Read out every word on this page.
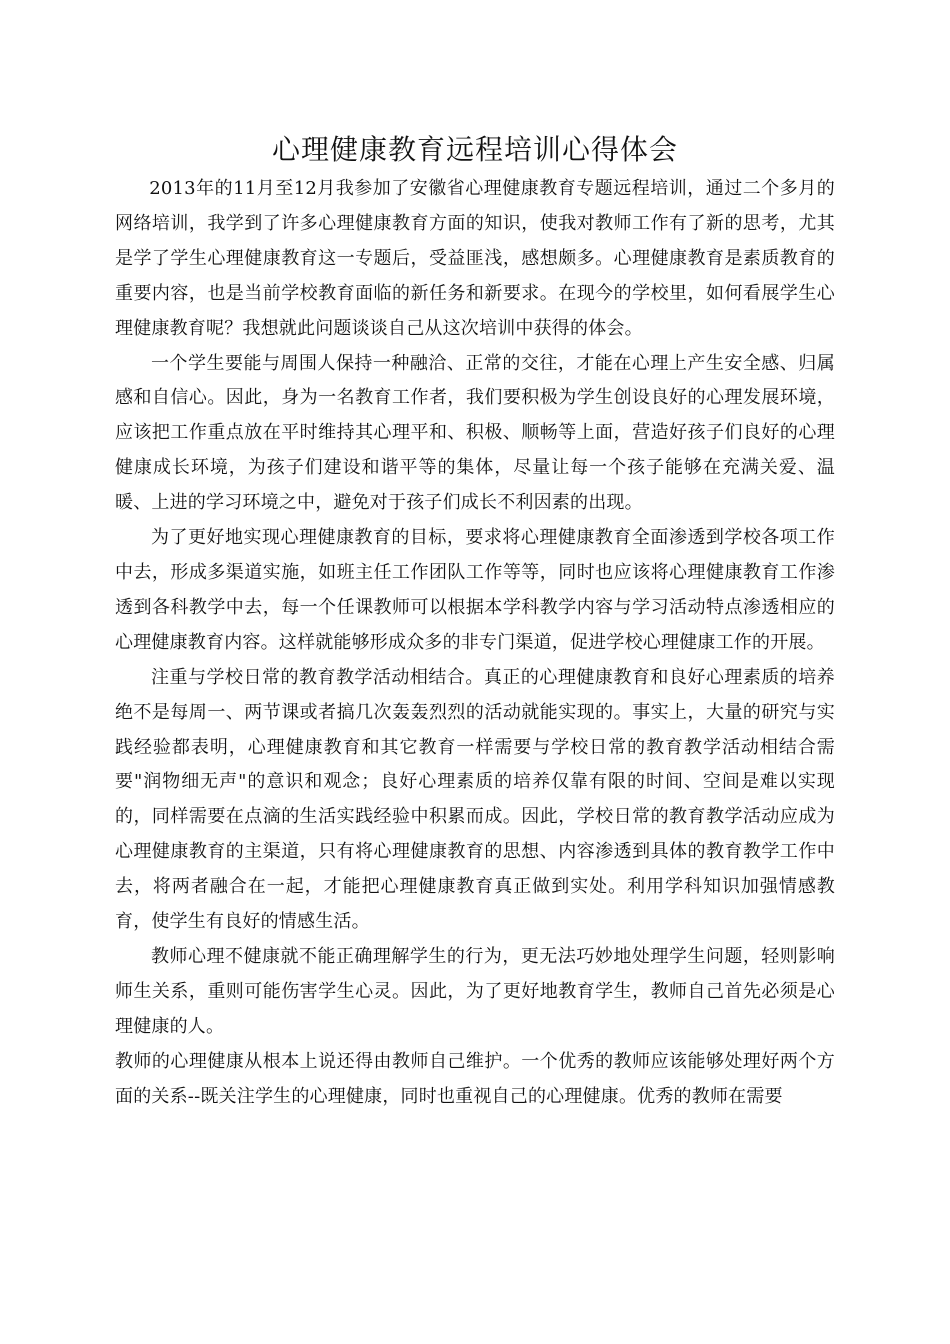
心理健康教育远程培训心得体会

2013年的11月至12月我参加了安徽省心理健康教育专题远程培训，通过二个多月的网络培训，我学到了许多心理健康教育方面的知识，使我对教师工作有了新的思考，尤其是学了学生心理健康教育这一专题后，受益匪浅，感想颇多。心理健康教育是素质教育的重要内容，也是当前学校教育面临的新任务和新要求。在现今的学校里，如何看展学生心理健康教育呢？我想就此问题谈谈自己从这次培训中获得的体会。

一个学生要能与周围人保持一种融洽、正常的交往，才能在心理上产生安全感、归属感和自信心。因此，身为一名教育工作者，我们要积极为学生创设良好的心理发展环境，应该把工作重点放在平时维持其心理平和、积极、顺畅等上面，营造好孩子们良好的心理健康成长环境，为孩子们建设和谐平等的集体，尽量让每一个孩子能够在充满关爱、温暖、上进的学习环境之中，避免对于孩子们成长不利因素的出现。

为了更好地实现心理健康教育的目标，要求将心理健康教育全面渗透到学校各项工作中去，形成多渠道实施，如班主任工作团队工作等等，同时也应该将心理健康教育工作渗透到各科教学中去，每一个任课教师可以根据本学科教学内容与学习活动特点渗透相应的心理健康教育内容。这样就能够形成众多的非专门渠道，促进学校心理健康工作的开展。

注重与学校日常的教育教学活动相结合。真正的心理健康教育和良好心理素质的培养绝不是每周一、两节课或者搞几次轰轰烈烈的活动就能实现的。事实上，大量的研究与实践经验都表明，心理健康教育和其它教育一样需要与学校日常的教育教学活动相结合需要"润物细无声"的意识和观念；良好心理素质的培养仅靠有限的时间、空间是难以实现的，同样需要在点滴的生活实践经验中积累而成。因此，学校日常的教育教学活动应成为心理健康教育的主渠道，只有将心理健康教育的思想、内容渗透到具体的教育教学工作中去，将两者融合在一起，才能把心理健康教育真正做到实处。利用学科知识加强情感教育，使学生有良好的情感生活。

教师心理不健康就不能正确理解学生的行为，更无法巧妙地处理学生问题，轻则影响师生关系，重则可能伤害学生心灵。因此，为了更好地教育学生，教师自己首先必须是心理健康的人。

教师的心理健康从根本上说还得由教师自己维护。一个优秀的教师应该能够处理好两个方面的关系--既关注学生的心理健康，同时也重视自己的心理健康。优秀的教师在需要
